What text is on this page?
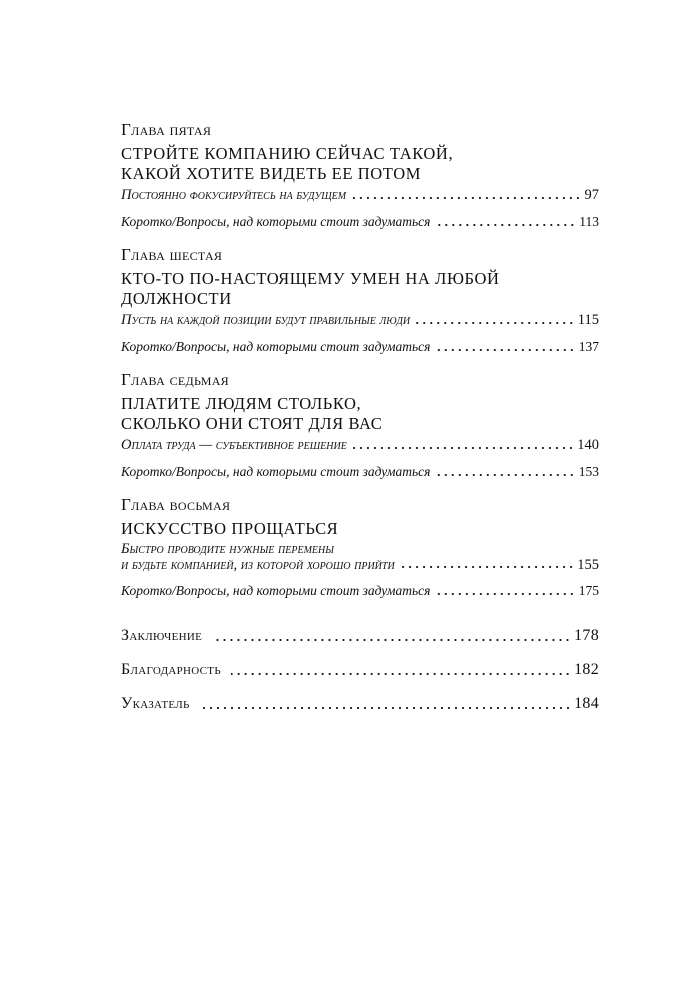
Глава пятая
СТРОЙТЕ КОМПАНИЮ СЕЙЧАС ТАКОЙ,
КАКОЙ ХОТИТЕ ВИДЕТЬ ЕЕ ПОТОМ
Постоянно фокусируйтесь на будущем	97
Коротко/Вопросы, над которыми стоит задуматься	113
Глава шестая
КТО-ТО ПО-НАСТОЯЩЕМУ УМЕН НА ЛЮБОЙ
ДОЛЖНОСТИ
Пусть на каждой позиции будут правильные люди	115
Коротко/Вопросы, над которыми стоит задуматься	137
Глава седьмая
ПЛАТИТЕ ЛЮДЯМ СТОЛЬКО,
СКОЛЬКО ОНИ СТОЯТ ДЛЯ ВАС
Оплата труда — субъективное решение	140
Коротко/Вопросы, над которыми стоит задуматься	153
Глава восьмая
ИСКУССТВО ПРОЩАТЬСЯ
Быстро проводите нужные перемены
и будьте компанией, из которой хорошо прийти	155
Коротко/Вопросы, над которыми стоит задуматься	175
Заключение	178
Благодарность	182
Указатель	184
